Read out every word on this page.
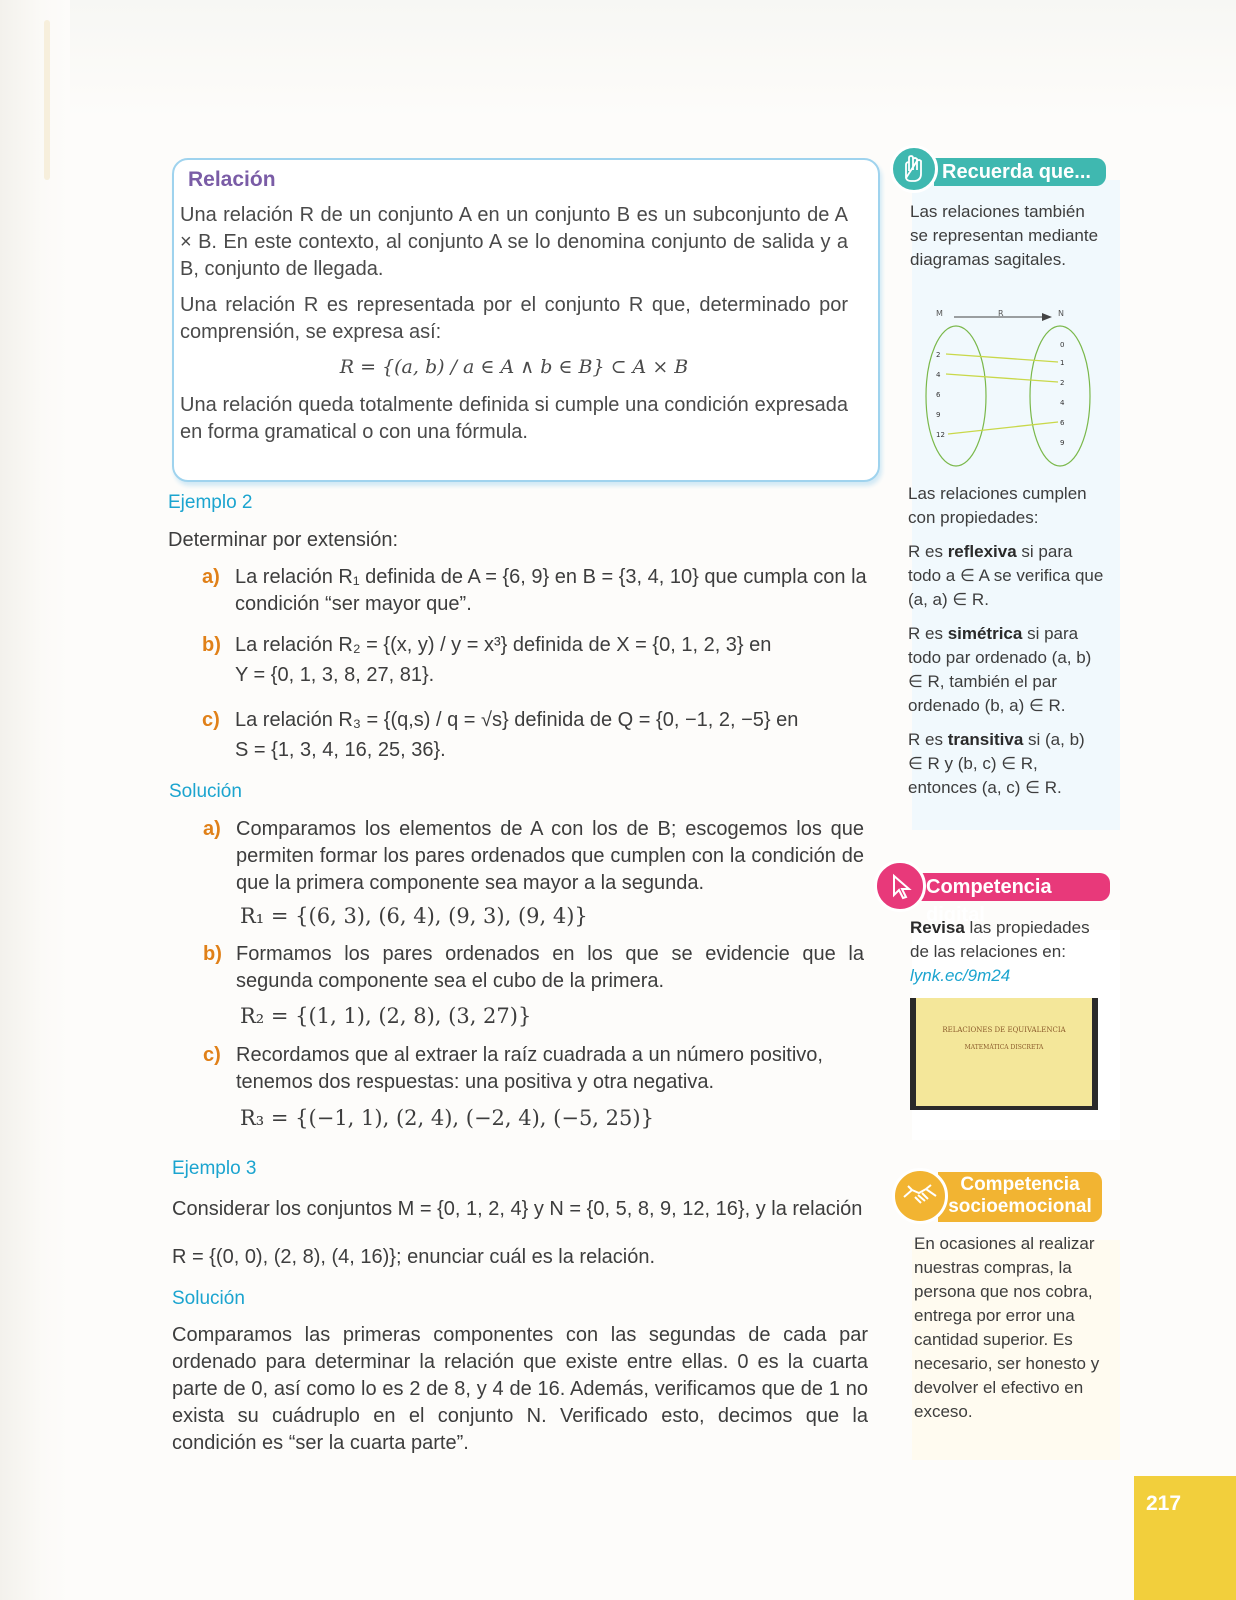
Relación
Una relación R de un conjunto A en un conjunto B es un subconjunto de A × B. En este contexto, al conjunto A se lo denomina conjunto de salida y a B, conjunto de llegada.
Una relación R es representada por el conjunto R que, determinado por comprensión, se expresa así:
R = {(a, b) / a ∈ A ∧ b ∈ B} ⊂ A × B
Una relación queda totalmente definida si cumple una condición expresada en forma gramatical o con una fórmula.
Ejemplo 2
Determinar por extensión:
a) La relación R₁ definida de A = {6, 9} en B = {3, 4, 10} que cumpla con la
condición “ser mayor que”.
b) La relación R₂ = {(x, y) / y = x³} definida de X = {0, 1, 2, 3} en
Y = {0, 1, 3, 8, 27, 81}.
c) La relación R₃ = {(q,s) / q = √s} definida de Q = {0, −1, 2, −5} en
S = {1, 3, 4, 16, 25, 36}.
Solución
a) Comparamos los elementos de A con los de B; escogemos los que permiten formar los pares ordenados que cumplen con la condición de que la primera componente sea mayor a la segunda.
R₁ = {(6, 3), (6, 4), (9, 3), (9, 4)}
b) Formamos los pares ordenados en los que se evidencie que la segunda componente sea el cubo de la primera.
R₂ = {(1, 1), (2, 8), (3, 27)}
c) Recordamos que al extraer la raíz cuadrada a un número positivo, tenemos dos respuestas: una positiva y otra negativa.
R₃ = {(−1, 1), (2, 4), (−2, 4), (−5, 25)}
Ejemplo 3
Considerar los conjuntos M = {0, 1, 2, 4} y N = {0, 5, 8, 9, 12, 16}, y la relación
R = {(0, 0), (2, 8), (4, 16)}; enunciar cuál es la relación.
Solución
Comparamos las primeras componentes con las segundas de cada par ordenado para determinar la relación que existe entre ellas. 0 es la cuarta parte de 0, así como lo es 2 de 8, y 4 de 16. Además, verificamos que de 1 no exista su cuádruplo en el conjunto N. Verificado esto, decimos que la condición es “ser la cuarta parte”.
Recuerda que...
Las relaciones también se representan mediante diagramas sagitales.
M	R	N
2
4
6
9
12
0
1
2
4
6
9
Las relaciones cumplen con propiedades:
R es reflexiva si para todo a ∈ A se verifica que (a, a) ∈ R.
R es simétrica si para todo par ordenado (a, b) ∈ R, también el par ordenado (b, a) ∈ R.
R es transitiva si (a, b) ∈ R y (b, c) ∈ R, entonces (a, c) ∈ R.
Competencia digital
Revisa las propiedades de las relaciones en:
lynk.ec/9m24
RELACIONES DE EQUIVALENCIA
MATEMÁTICA DISCRETA
Competencia
socioemocional
En ocasiones al realizar nuestras compras, la persona que nos cobra, entrega por error una cantidad superior. Es necesario, ser honesto y devolver el efectivo en exceso.
217
